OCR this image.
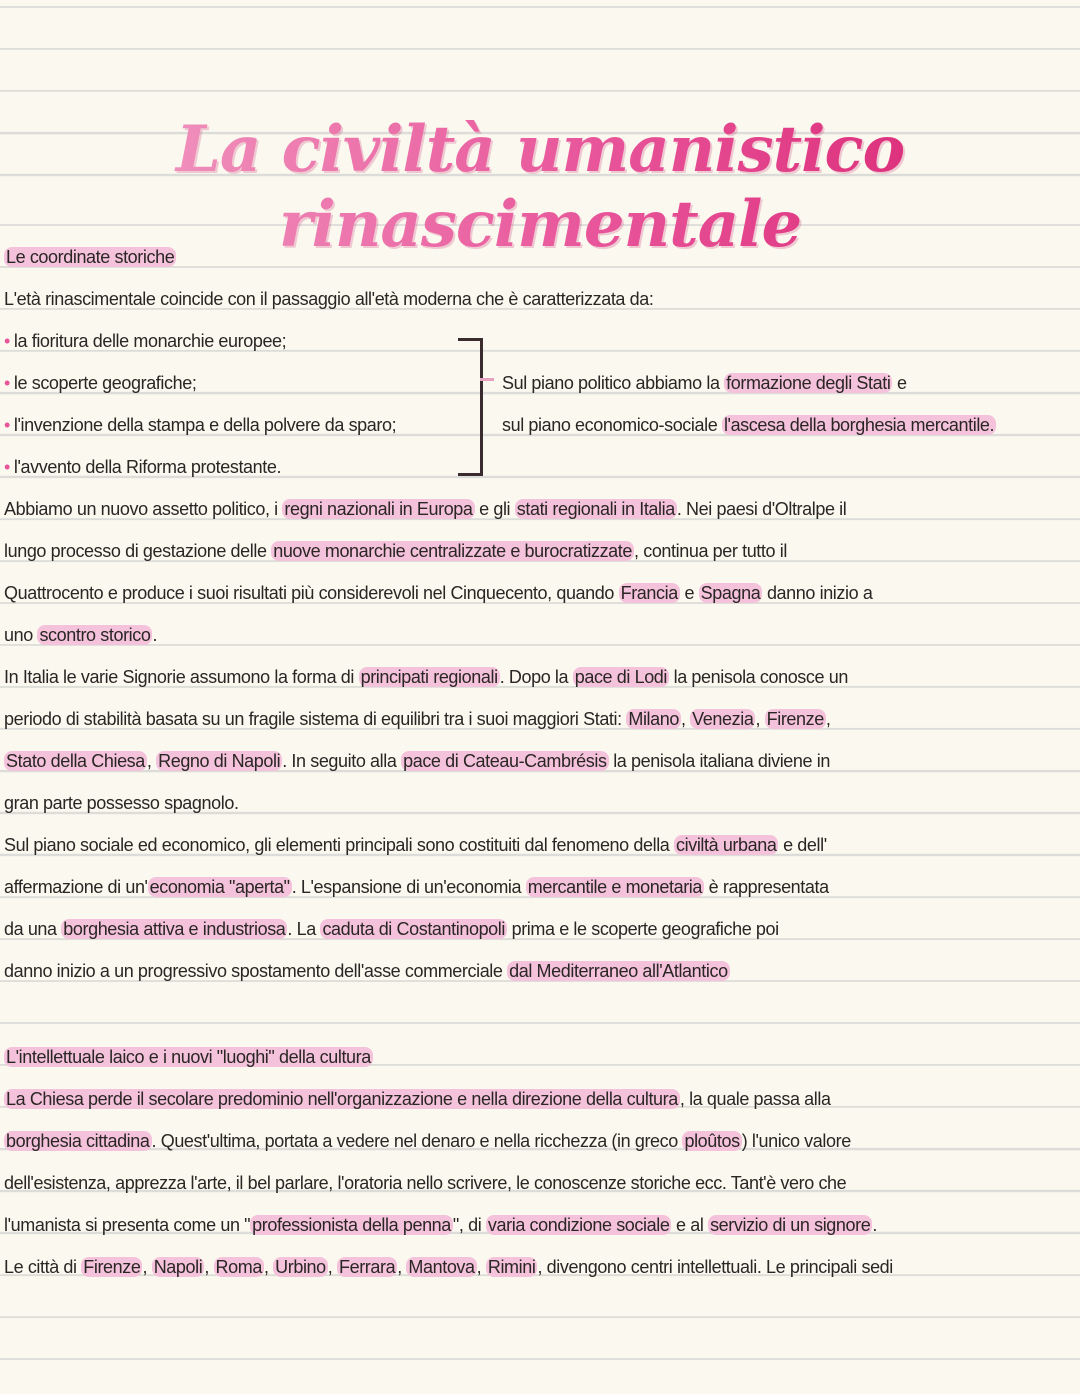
La civiltà umanistico rinascimentale
Le coordinate storiche
L'età rinascimentale coincide con il passaggio all'età moderna che è caratterizzata da:
• la fioritura delle monarchie europee;
• le scoperte geografiche;
• l'invenzione della stampa e della polvere da sparo;
• l'avvento della Riforma protestante.
Sul piano politico abbiamo la formazione degli Stati e
sul piano economico-sociale l'ascesa della borghesia mercantile.
Abbiamo un nuovo assetto politico, i regni nazionali in Europa e gli stati regionali in Italia . Nei paesi d'Oltralpe il
lungo processo di gestazione delle nuove monarchie centralizzate e burocratizzate , continua per tutto il
Quattrocento e produce i suoi risultati più considerevoli nel Cinquecento, quando Francia e Spagna danno inizio a
uno scontro storico .
In Italia le varie Signorie assumono la forma di principati regionali . Dopo la pace di Lodi la penisola conosce un
periodo di stabilità basata su un fragile sistema di equilibri tra i suoi maggiori Stati: Milano , Venezia , Firenze ,
Stato della Chiesa , Regno di Napoli . In seguito alla pace di Cateau-Cambrésis la penisola italiana diviene in
gran parte possesso spagnolo.
Sul piano sociale ed economico, gli elementi principali sono costituiti dal fenomeno della civiltà urbana e dell'
affermazione di un' economia "aperta" . L'espansione di un'economia mercantile e monetaria è rappresentata
da una borghesia attiva e industriosa . La caduta di Costantinopoli prima e le scoperte geografiche poi
danno inizio a un progressivo spostamento dell'asse commerciale dal Mediterraneo all'Atlantico
L'intellettuale laico e i nuovi "luoghi" della cultura
La Chiesa perde il secolare predominio nell'organizzazione e nella direzione della cultura , la quale passa alla
borghesia cittadina . Quest'ultima, portata a vedere nel denaro e nella ricchezza (in greco ploûtos ) l'unico valore
dell'esistenza, apprezza l'arte, il bel parlare, l'oratoria nello scrivere, le conoscenze storiche ecc. Tant'è vero che
l'umanista si presenta come un " professionista della penna ", di varia condizione sociale e al servizio di un signore .
Le città di Firenze , Napoli , Roma , Urbino , Ferrara , Mantova , Rimini , divengono centri intellettuali. Le principali sedi
